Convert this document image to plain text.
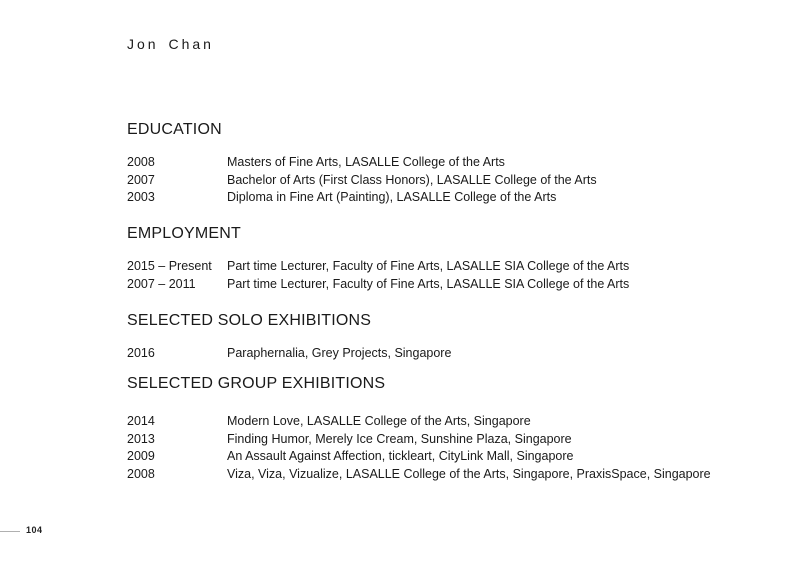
Jon Chan
EDUCATION
2008	Masters of Fine Arts, LASALLE College of the Arts
2007	Bachelor of Arts (First Class Honors), LASALLE College of the Arts
2003	Diploma in Fine Art (Painting), LASALLE College of the Arts
EMPLOYMENT
2015 – Present	Part time Lecturer, Faculty of Fine Arts, LASALLE SIA College of the Arts
2007 – 2011	Part time Lecturer, Faculty of Fine Arts, LASALLE SIA College of the Arts
SELECTED SOLO EXHIBITIONS
2016	Paraphernalia, Grey Projects, Singapore
SELECTED GROUP EXHIBITIONS
2014	Modern Love, LASALLE College of the Arts, Singapore
2013	Finding Humor, Merely Ice Cream, Sunshine Plaza, Singapore
2009	An Assault Against Affection, tickleart, CityLink Mall, Singapore
2008	Viza, Viza, Vizualize, LASALLE College of the Arts, Singapore, PraxisSpace, Singapore
104
